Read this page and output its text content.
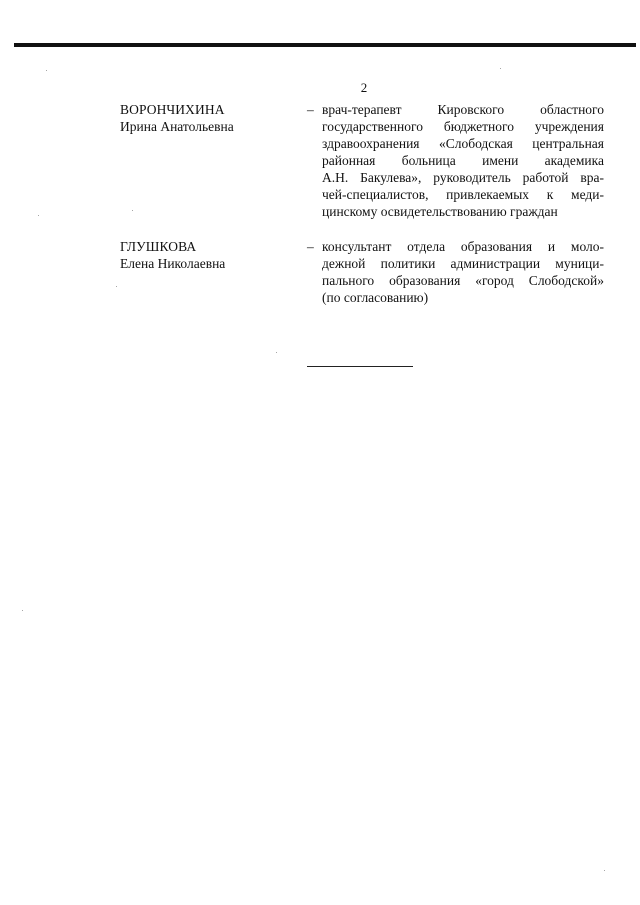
2
ВОРОНЧИХИНА
Ирина Анатольевна
– врач-терапевт Кировского областного
государственного бюджетного учреждения
здравоохранения «Слободская центральная
районная больница имени академика
А.Н. Бакулева», руководитель работой вра-
чей-специалистов, привлекаемых к меди-
цинскому освидетельствованию граждан
ГЛУШКОВА
Елена Николаевна
– консультант отдела образования и моло-
дежной политики администрации муници-
пального образования «город Слободской»
(по согласованию)
